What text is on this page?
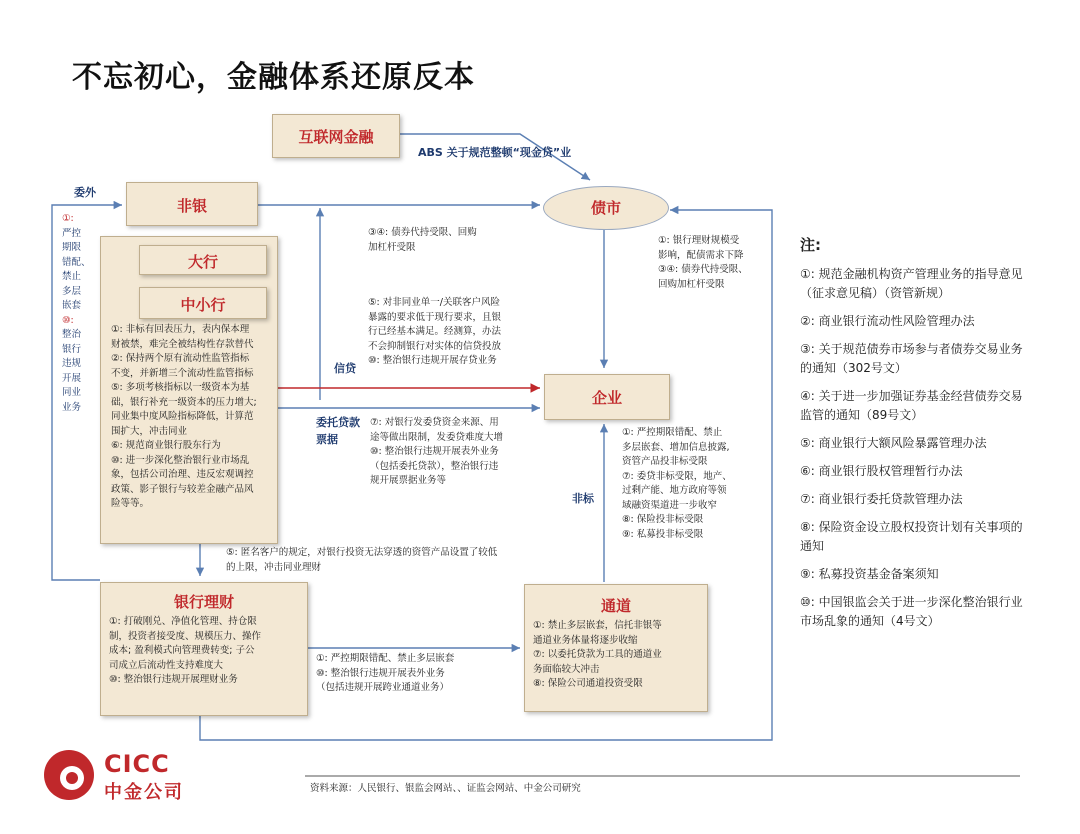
不忘初心，金融体系还原反本
互联网金融
ABS 关于规范整顿“现金贷”业
非银
委外
债市
①:
严控
期限
错配、
禁止
多层
嵌套
⑩:
整治
银行
违规
开展
同业
业务
大行
中小行
①: 非标有回表压力，表内保本理
财被禁，难完全被结构性存款替代
②: 保持两个原有流动性监管指标
不变，并新增三个流动性监管指标
⑤: 多项考核指标以一级资本为基
础，银行补充一级资本的压力增大;
同业集中度风险指标降低，计算范
围扩大，冲击同业
⑥: 规范商业银行股东行为
⑩: 进一步深化整治银行业市场乱
象，包括公司治理、违反宏观调控
政策、影子银行与较差金融产品风
险等等。
③④: 债券代持受限、回购
加杠杆受限
①: 银行理财规模受
影响，配债需求下降
③④: 债券代持受限、
回购加杠杆受限
⑤: 对非同业单一/关联客户风险
暴露的要求低于现行要求，且银
行已经基本满足。经测算，办法
不会抑制银行对实体的信贷投放
⑩: 整治银行违规开展存贷业务
信贷
委托贷款
票据
企业
⑦: 对银行发委贷资金来源、用
途等做出限制，发委贷难度大增
⑩: 整治银行违规开展表外业务
（包括委托贷款），整治银行违
规开展票据业务等
非标
①: 严控期限错配、禁止
多层嵌套、增加信息披露,
资管产品投非标受限
⑦: 委贷非标受限，地产、
过剩产能、地方政府等领
域融资渠道进一步收窄
⑧: 保险投非标受限
⑨: 私募投非标受限
⑤: 匿名客户的规定，对银行投资无法穿透的资管产品设置了较低
的上限，冲击同业理财
银行理财
①: 打破刚兑、净值化管理、持仓限
制，投资者接受度、规模压力、操作
成本; 盈利模式向管理费转变; 子公
司成立后流动性支持难度大
⑩: 整治银行违规开展理财业务
①: 严控期限错配、禁止多层嵌套
⑩: 整治银行违规开展表外业务
（包括违规开展跨业通道业务）
通道
①: 禁止多层嵌套，信托非银等
通道业务体量将逐步收缩
⑦: 以委托贷款为工具的通道业
务面临较大冲击
⑧: 保险公司通道投资受限
注:
①: 规范金融机构资产管理业务的指导意见（征求意见稿）（资管新规）
②: 商业银行流动性风险管理办法
③: 关于规范债券市场参与者债券交易业务的通知（302号文）
④: 关于进一步加强证券基金经营债券交易监管的通知（89号文）
⑤: 商业银行大额风险暴露管理办法
⑥: 商业银行股权管理暂行办法
⑦: 商业银行委托贷款管理办法
⑧: 保险资金设立股权投资计划有关事项的通知
⑨: 私募投资基金备案须知
⑩: 中国银监会关于进一步深化整治银行业市场乱象的通知（4号文）
CICC
中金公司	资料来源：人民银行、银监会网站、、证监会网站、中金公司研究
